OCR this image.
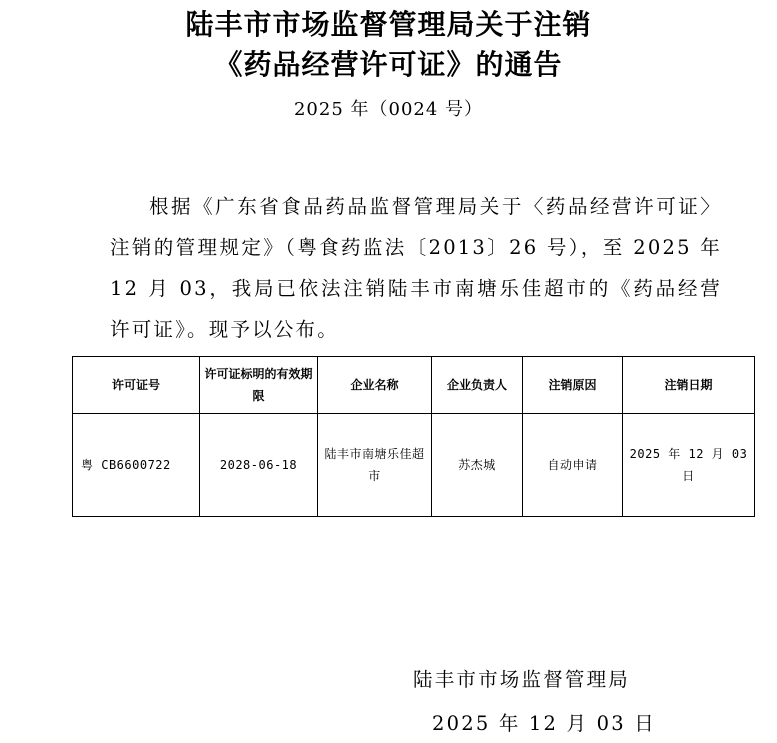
陆丰市市场监督管理局关于注销
《药品经营许可证》的通告
2025 年（0024 号）

根据《广东省食品药品监督管理局关于〈药品经营许可证〉注销的管理规定》（粤食药监法〔2013〕26 号），至 2025 年 12 月 03，我局已依法注销陆丰市南塘乐佳超市的《药品经营许可证》。现予以公布。

许可证号	许可证标明的有效期限	企业名称	企业负责人	注销原因	注销日期
粤 CB6600722	2028-06-18	陆丰市南塘乐佳超市	苏杰城	自动申请	2025 年 12 月 03 日
陆丰市市场监督管理局
2025 年 12 月 03 日
